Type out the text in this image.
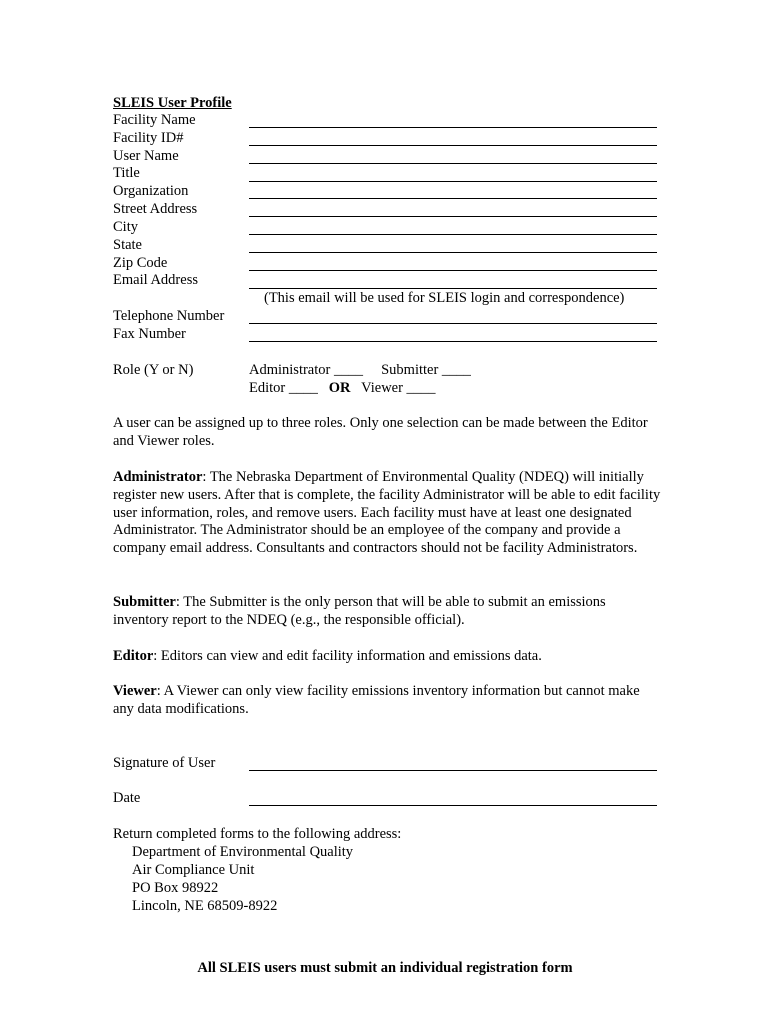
SLEIS User Profile
Facility Name
Facility ID#
User Name
Title
Organization
Street Address
City
State
Zip Code
Email Address
(This email will be used for SLEIS login and correspondence)
Telephone Number
Fax Number
Role (Y or N)	Administrator ____     Submitter ____
Editor ____ OR Viewer ____
A user can be assigned up to three roles. Only one selection can be made between the Editor and Viewer roles.
Administrator: The Nebraska Department of Environmental Quality (NDEQ) will initially register new users. After that is complete, the facility Administrator will be able to edit facility user information, roles, and remove users. Each facility must have at least one designated Administrator. The Administrator should be an employee of the company and provide a company email address. Consultants and contractors should not be facility Administrators.
Submitter: The Submitter is the only person that will be able to submit an emissions inventory report to the NDEQ (e.g., the responsible official).
Editor: Editors can view and edit facility information and emissions data.
Viewer: A Viewer can only view facility emissions inventory information but cannot make any data modifications.
Signature of User
Date
Return completed forms to the following address:
Department of Environmental Quality
Air Compliance Unit
PO Box 98922
Lincoln, NE 68509-8922
All SLEIS users must submit an individual registration form
